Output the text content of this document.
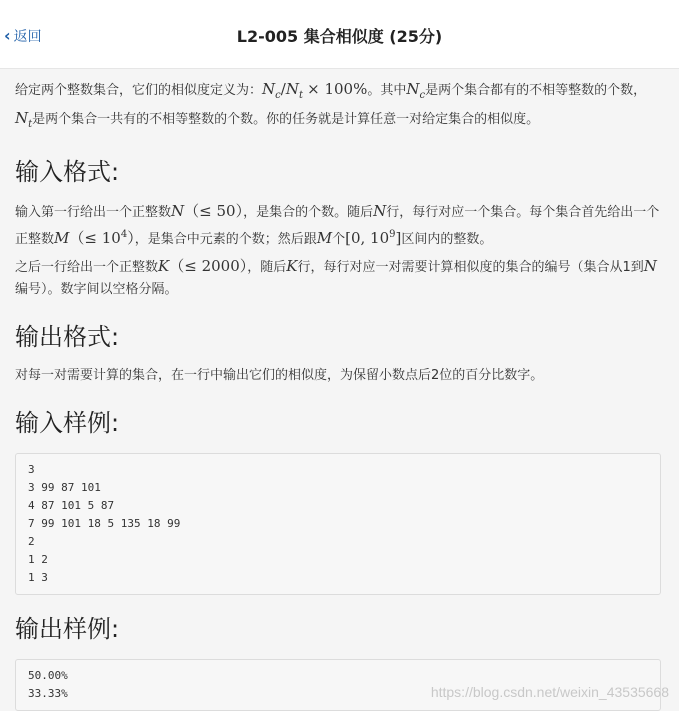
‹ 返回	L2-005 集合相似度 (25分)

给定两个整数集合，它们的相似度定义为：$N_c/N_t \times 100\%$。其中$N_c$是两个集合都有的不相等整数的个数，$N_t$是两个集合一共有的不相等整数的个数。你的任务就是计算任意一对给定集合的相似度。

输入格式:

输入第一行给出一个正整数N（≤ 50），是集合的个数。随后N行，每行对应一个集合。每个集合首先给出一个正整数$M(\le 10^4)$，是集合中元素的个数；然后跟M个[0, $10^9$]区间内的整数。

之后一行给出一个正整数K（≤ 2000），随后K行，每行对应一对需要计算相似度的集合的编号（集合从1到N编号）。数字间以空格分隔。

输出格式:

对每一对需要计算的集合，在一行中输出它们的相似度，为保留小数点后2位的百分比数字。

输入样例:
3
3 99 87 101
4 87 101 5 87
7 99 101 18 5 135 18 99
2
1 2
1 3
输出样例:
50.00%
33.33%	https://blog.csdn.net/weixin_43535668
